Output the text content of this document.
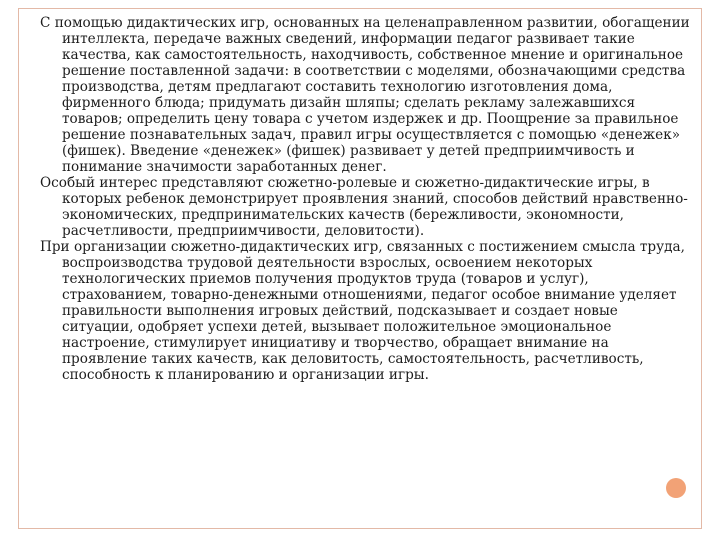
С помощью дидактических игр, основанных на целенаправленном развитии, обогащении интеллекта, передаче важных сведений, информации педагог развивает такие качества, как самостоятельность, находчивость, собственное мнение и оригинальное решение поставленной задачи: в соответствии с моделями, обозначающими средства производства, детям предлагают составить технологию изготовления дома, фирменного блюда; придумать дизайн шляпы; сделать рекламу залежавшихся товаров; определить цену товара с учетом издержек и др. Поощрение за правильное решение познавательных задач, правил игры осуществляется с помощью «денежек» (фишек). Введение «денежек» (фишек) развивает у детей предприимчивость и понимание значимости заработанных денег.

Особый интерес представляют сюжетно-ролевые и сюжетно-дидактические игры, в которых ребенок демонстрирует проявления знаний, способов действий нравственно-экономических, предпринимательских качеств (бережливости, экономности, расчетливости, предприимчивости, деловитости).

При организации сюжетно-дидактических игр, связанных с постижением смысла труда, воспроизводства трудовой деятельности взрослых, освоением некоторых технологических приемов получения продуктов труда (товаров и услуг), страхованием, товарно-денежными отношениями, педагог особое внимание уделяет правильности выполнения игровых действий, подсказывает и создает новые ситуации, одобряет успехи детей, вызывает положительное эмоциональное настроение, стимулирует инициативу и творчество, обращает внимание на проявление таких качеств, как деловитость, самостоятельность, расчетливость, способность к планированию и организации игры.
